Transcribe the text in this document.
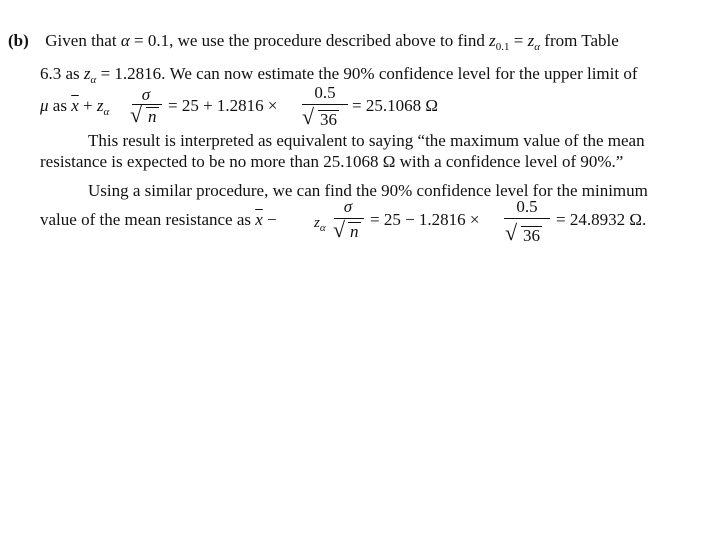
(b) Given that α = 0.1, we use the procedure described above to find $z_{0.1} = z_\alpha$ from Table
6.3 as $z_\alpha = 1.2816$. We can now estimate the 90% confidence level for the upper limit of
μ as $\overline{x} + z_\alpha$
σ
√ n
= 25 + 1.2816 ×
0.5
√ 36
= 25.1068 Ω
This result is interpreted as equivalent to saying “the maximum value of the mean
resistance is expected to be no more than 25.1068 Ω with a confidence level of 90%.”
Using a similar procedure, we can find the 90% confidence level for the minimum
value of the mean resistance as $\overline{x} - z_\alpha$
σ
√ n
= 25 − 1.2816 ×
0.5
√ 36
= 24.8932 Ω.
